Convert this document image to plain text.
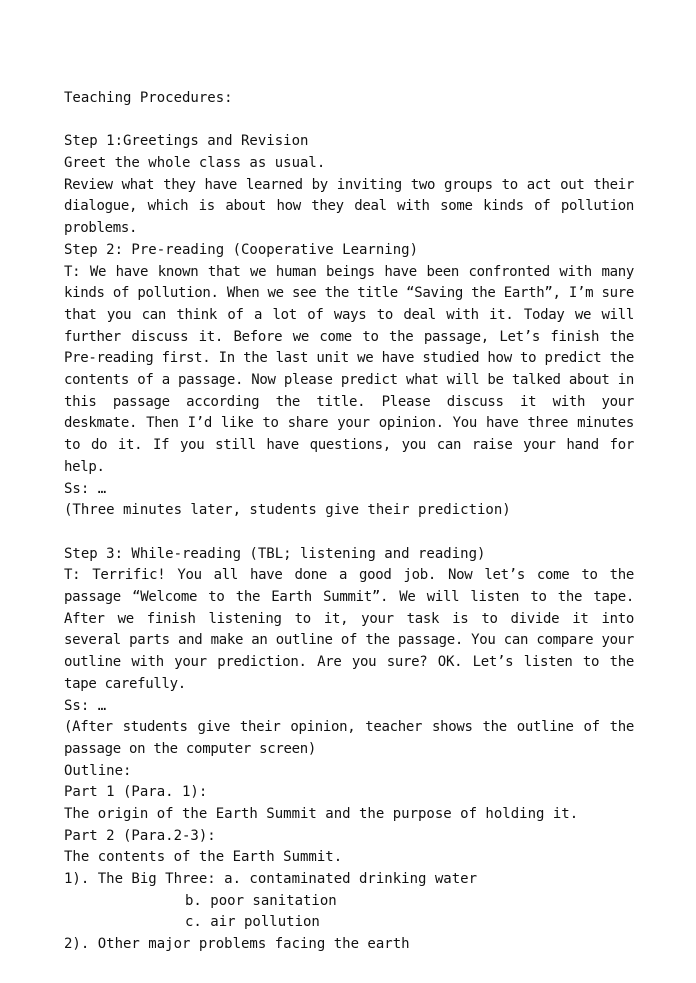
Teaching Procedures:
Step 1:Greetings and Revision
Greet the whole class as usual.
Review what they have learned by inviting two groups to act out their dialogue, which is about how they deal with some kinds of pollution problems.
Step 2: Pre-reading (Cooperative Learning)
T: We have known that we human beings have been confronted with many kinds of pollution. When we see the title “Saving the Earth”, I’m sure that you can think of a lot of ways to deal with it. Today we will further discuss it. Before we come to the passage, Let’s finish the Pre-reading first. In the last unit we have studied how to predict the contents of a passage. Now please predict what will be talked about in this passage according the title. Please discuss it with your deskmate. Then I’d like to share your opinion. You have three minutes to do it. If you still have questions, you can raise your hand for help.
Ss: …
(Three minutes later, students give their prediction)
Step 3: While-reading (TBL; listening and reading)
T: Terrific! You all have done a good job. Now let’s come to the passage “Welcome to the Earth Summit”. We will listen to the tape. After we finish listening to it, your task is to divide it into several parts and make an outline of the passage. You can compare your outline with your prediction. Are you sure? OK. Let’s listen to the tape carefully.
Ss: …
(After students give their opinion, teacher shows the outline of the passage on the computer screen)
Outline:
Part 1 (Para. 1):
The origin of the Earth Summit and the purpose of holding it.
Part 2 (Para.2-3):
The contents of the Earth Summit.
1). The Big Three: a. contaminated drinking water
b. poor sanitation
c. air pollution
2). Other major problems facing the earth
